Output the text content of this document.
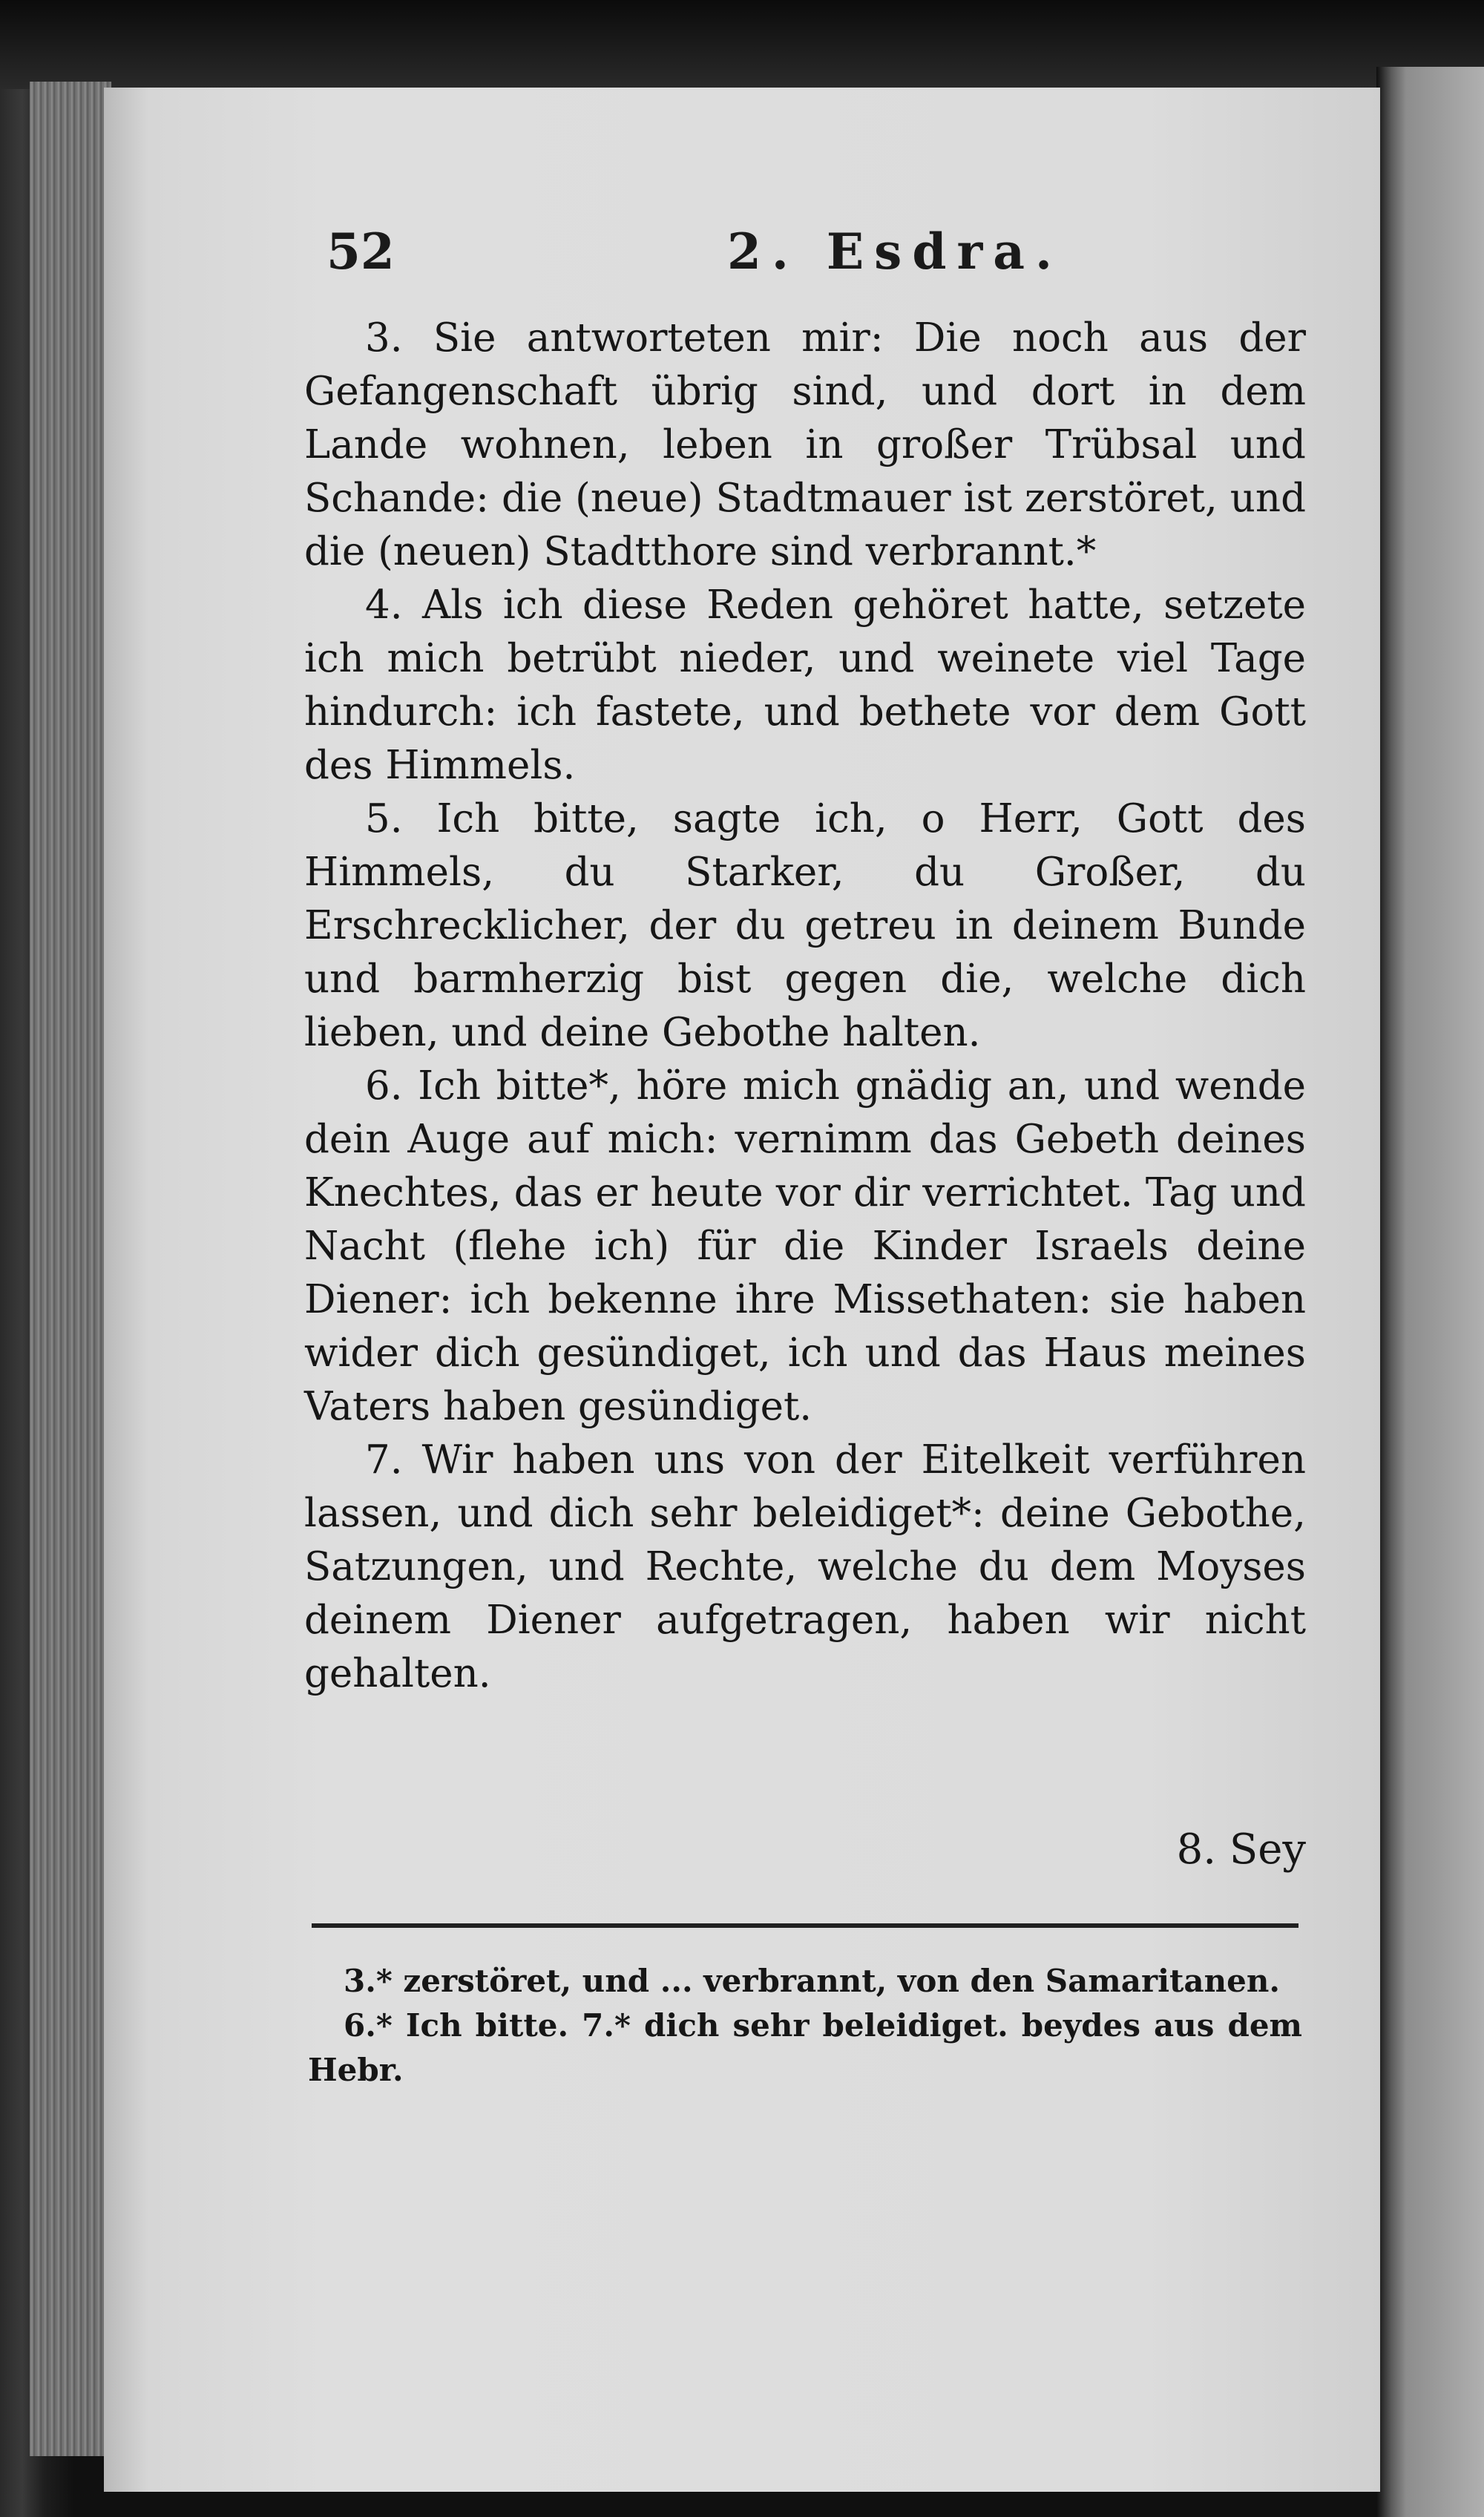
52	2. Esdra.

3. Sie antworteten mir: Die noch aus der Gefangenschaft übrig sind, und dort in dem Lande wohnen, leben in großer Trübsal und Schande: die (neue) Stadtmauer ist zerstöret, und die (neuen) Stadtthore sind verbrannt.*

4. Als ich diese Reden gehöret hatte, setzete ich mich betrübt nieder, und weinete viel Tage hindurch: ich fastete, und bethete vor dem Gott des Himmels.

5. Ich bitte, sagte ich, o Herr, Gott des Himmels, du Starker, du Großer, du Erschrecklicher, der du getreu in deinem Bunde und barmherzig bist gegen die, welche dich lieben, und deine Gebothe halten.

6. Ich bitte*, höre mich gnädig an, und wende dein Auge auf mich: vernimm das Gebeth deines Knechtes, das er heute vor dir verrichtet. Tag und Nacht (flehe ich) für die Kinder Israels deine Diener: ich bekenne ihre Missethaten: sie haben wider dich gesündiget, ich und das Haus meines Vaters haben gesündiget.

7. Wir haben uns von der Eitelkeit verführen lassen, und dich sehr beleidiget*: deine Gebothe, Satzungen, und Rechte, welche du dem Moyses deinem Diener aufgetragen, haben wir nicht gehalten.

8. Sey

3.* zerstöret, und ... verbrannt, von den Samaritanen.

6.* Ich bitte. 7.* dich sehr beleidiget. beydes aus dem Hebr.
